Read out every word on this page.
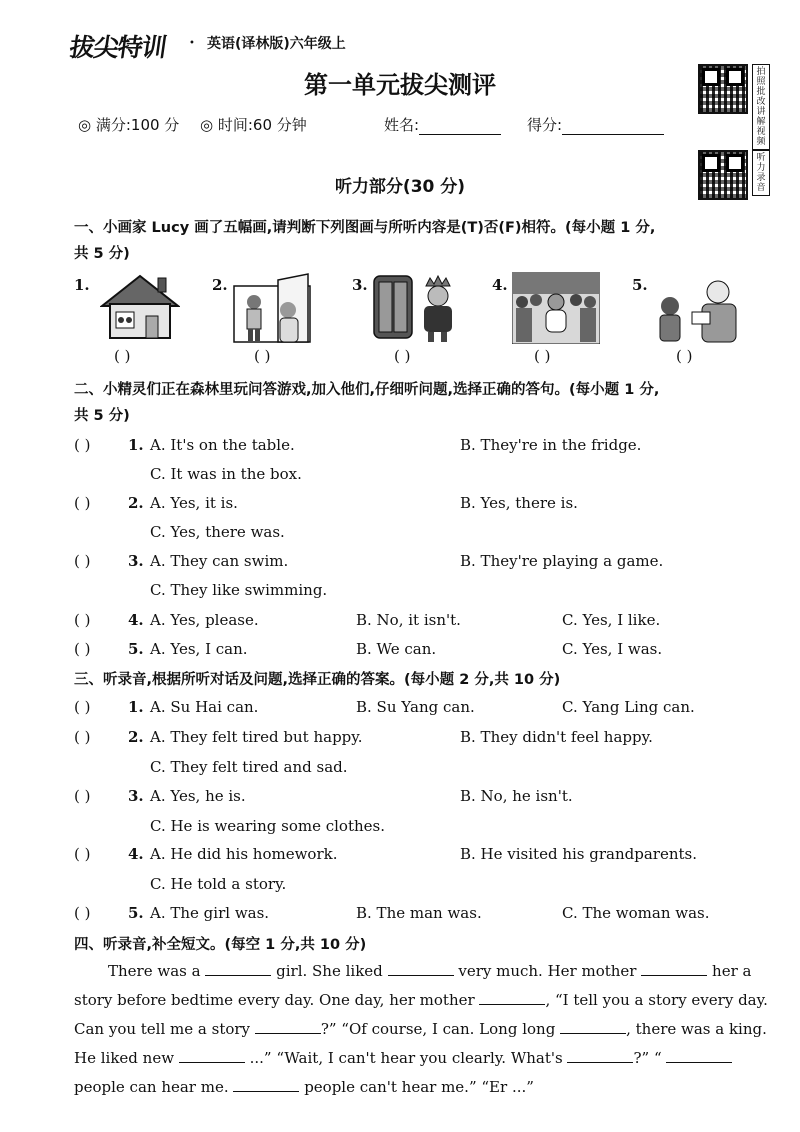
拔尖特训 • 英语(译林版)六年级上
第一单元拔尖测评
◎ 满分:100 分 ◎ 时间:60 分钟	姓名:	得分:
拍照批改讲解视频
听力录音
听力部分(30 分)
一、小画家 Lucy 画了五幅画,请判断下列图画与所听内容是(T)否(F)相符。(每小题 1 分,
共 5 分)
1.	2.	3.	4.	5.
( )	( )	( )	( )	( )
二、小精灵们正在森林里玩问答游戏,加入他们,仔细听问题,选择正确的答句。(每小题 1 分,
共 5 分)
( )	1. A. It's on the table.	B. They're in the fridge.
C. It was in the box.
( )	2. A. Yes, it is.	B. Yes, there is.
C. Yes, there was.
( )	3. A. They can swim.	B. They're playing a game.
C. They like swimming.
( )	4. A. Yes, please.	B. No, it isn't.	C. Yes, I like.
( )	5. A. Yes, I can.	B. We can.	C. Yes, I was.
三、听录音,根据所听对话及问题,选择正确的答案。(每小题 2 分,共 10 分)
( )	1. A. Su Hai can.	B. Su Yang can.	C. Yang Ling can.
( )	2. A. They felt tired but happy.	B. They didn't feel happy.
C. They felt tired and sad.
( )	3. A. Yes, he is.	B. No, he isn't.
C. He is wearing some clothes.
( )	4. A. He did his homework.	B. He visited his grandparents.
C. He told a story.
( )	5. A. The girl was.	B. The man was.	C. The woman was.
四、听录音,补全短文。(每空 1 分,共 10 分)
There was a	girl. She liked	very much. Her mother	her a
story before bedtime every day. One day, her mother	, “I tell you a story every day.
Can you tell me a story	?” “Of course, I can. Long long	, there was a king.
He liked new	...” “Wait, I can't hear you clearly. What's	?” “
people can hear me.	people can't hear me.” “Er ...”
